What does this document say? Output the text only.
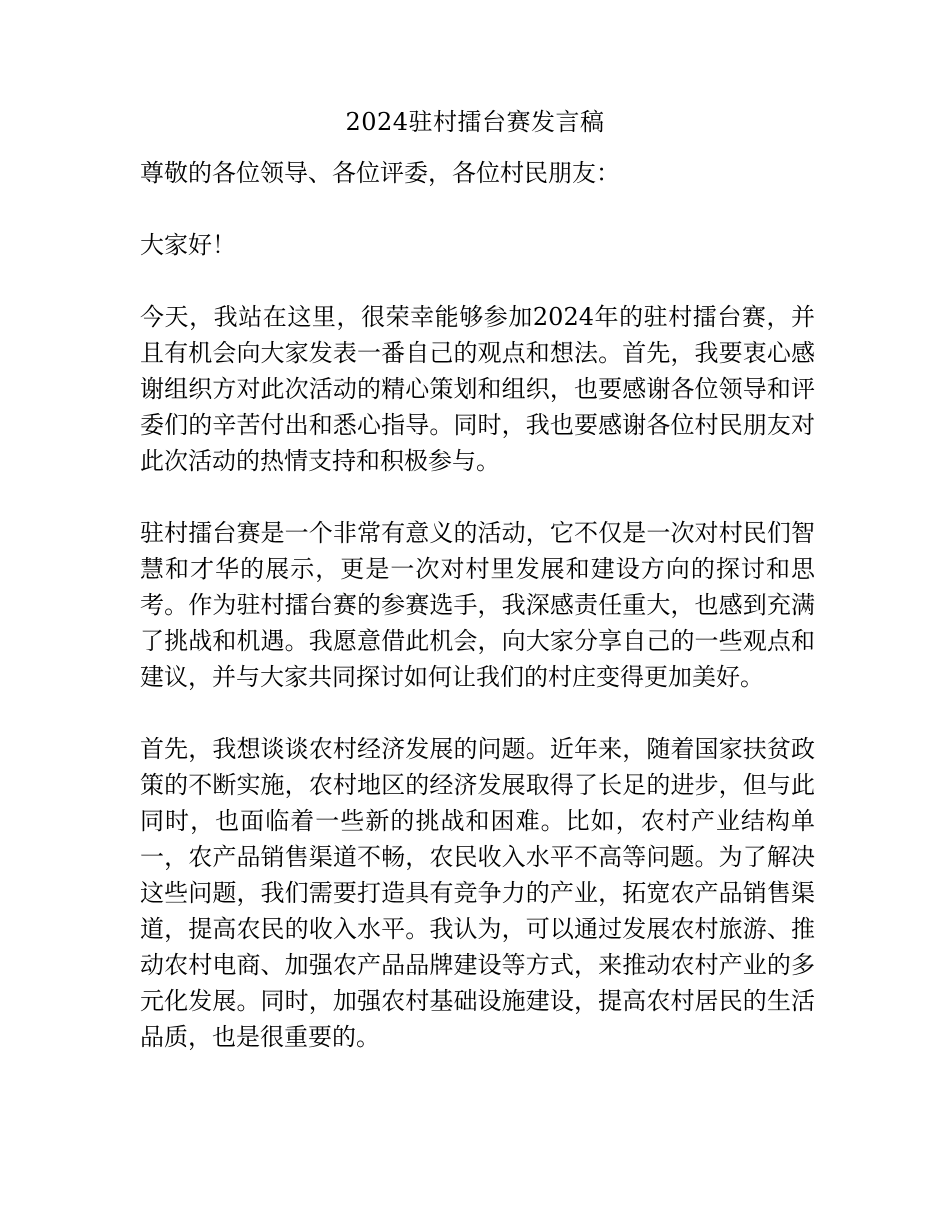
2024驻村擂台赛发言稿

尊敬的各位领导、各位评委，各位村民朋友：

大家好！

今天，我站在这里，很荣幸能够参加2024年的驻村擂台赛，并且有机会向大家发表一番自己的观点和想法。首先，我要衷心感谢组织方对此次活动的精心策划和组织，也要感谢各位领导和评委们的辛苦付出和悉心指导。同时，我也要感谢各位村民朋友对此次活动的热情支持和积极参与。

驻村擂台赛是一个非常有意义的活动，它不仅是一次对村民们智慧和才华的展示，更是一次对村里发展和建设方向的探讨和思考。作为驻村擂台赛的参赛选手，我深感责任重大，也感到充满了挑战和机遇。我愿意借此机会，向大家分享自己的一些观点和建议，并与大家共同探讨如何让我们的村庄变得更加美好。

首先，我想谈谈农村经济发展的问题。近年来，随着国家扶贫政策的不断实施，农村地区的经济发展取得了长足的进步，但与此同时，也面临着一些新的挑战和困难。比如，农村产业结构单一，农产品销售渠道不畅，农民收入水平不高等问题。为了解决这些问题，我们需要打造具有竞争力的产业，拓宽农产品销售渠道，提高农民的收入水平。我认为，可以通过发展农村旅游、推动农村电商、加强农产品品牌建设等方式，来推动农村产业的多元化发展。同时，加强农村基础设施建设，提高农村居民的生活品质，也是很重要的。
